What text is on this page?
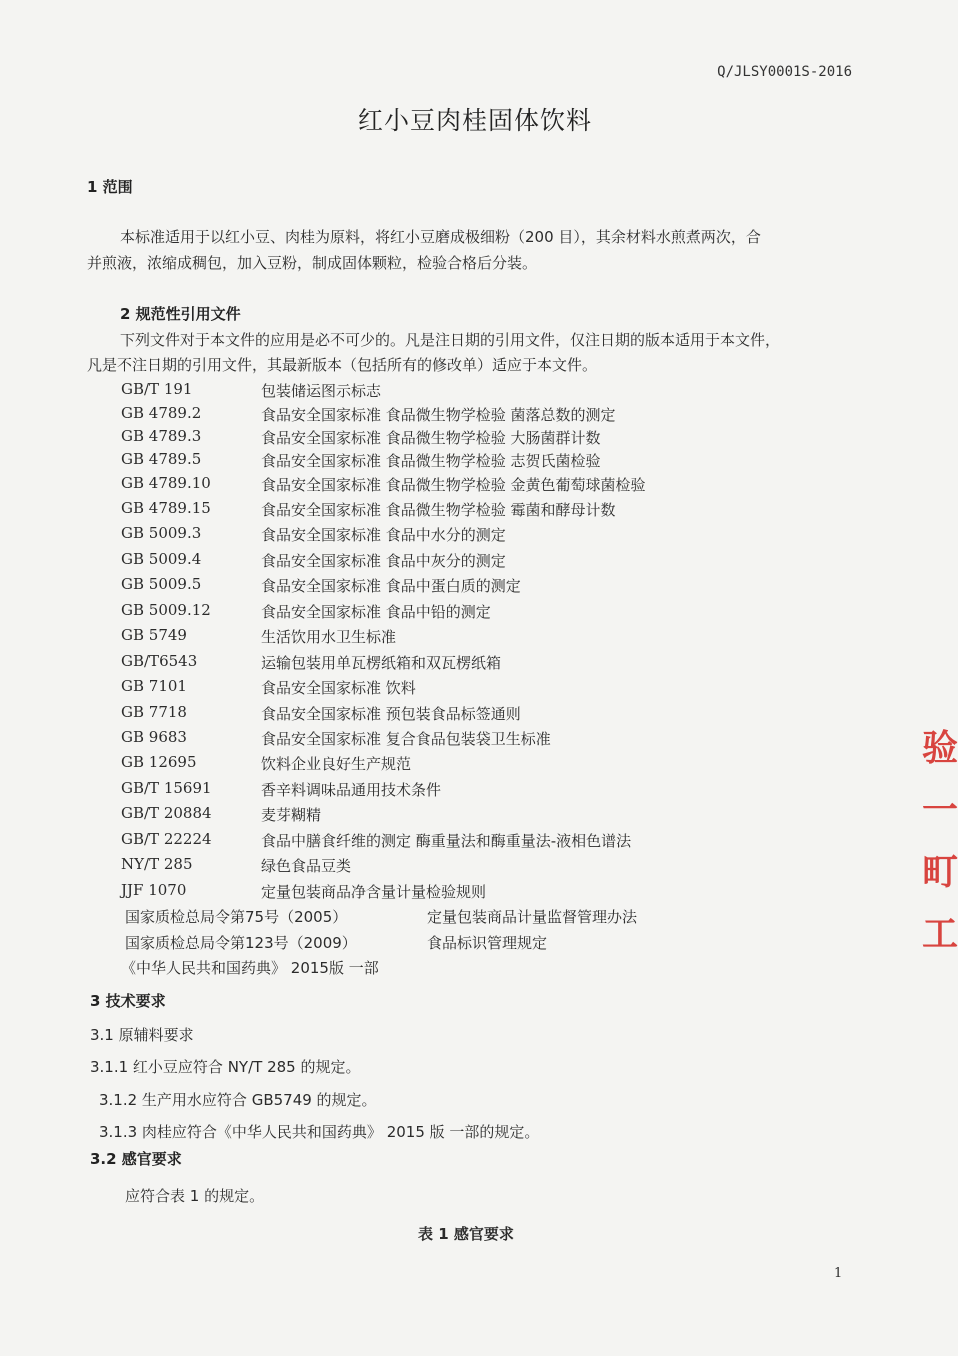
Q/JLSY0001S-2016
红小豆肉桂固体饮料
1 范围
本标准适用于以红小豆、肉桂为原料，将红小豆磨成极细粉（200 目），其余材料水煎煮两次，合
并煎液，浓缩成稠包，加入豆粉，制成固体颗粒，检验合格后分装。
2 规范性引用文件
下列文件对于本文件的应用是必不可少的。凡是注日期的引用文件，仅注日期的版本适用于本文件，
凡是不注日期的引用文件，其最新版本（包括所有的修改单）适应于本文件。
GB/T 191	包装储运图示标志
GB 4789.2	食品安全国家标准 食品微生物学检验 菌落总数的测定
GB 4789.3	食品安全国家标准 食品微生物学检验 大肠菌群计数
GB 4789.5	食品安全国家标准 食品微生物学检验 志贺氏菌检验
GB 4789.10	食品安全国家标准 食品微生物学检验 金黄色葡萄球菌检验
GB 4789.15	食品安全国家标准 食品微生物学检验 霉菌和酵母计数
GB 5009.3	食品安全国家标准 食品中水分的测定
GB 5009.4	食品安全国家标准 食品中灰分的测定
GB 5009.5	食品安全国家标准 食品中蛋白质的测定
GB 5009.12	食品安全国家标准 食品中铅的测定
GB 5749	生活饮用水卫生标准
GB/T6543	运输包装用单瓦楞纸箱和双瓦楞纸箱
GB 7101	食品安全国家标准 饮料
GB 7718	食品安全国家标准 预包装食品标签通则
GB 9683	食品安全国家标准 复合食品包装袋卫生标准
GB 12695	饮料企业良好生产规范
GB/T 15691	香辛料调味品通用技术条件
GB/T 20884	麦芽糊精
GB/T 22224	食品中膳食纤维的测定 酶重量法和酶重量法-液相色谱法
NY/T 285	绿色食品豆类
JJF 1070	定量包装商品净含量计量检验规则
国家质检总局令第75号（2005）	定量包装商品计量监督管理办法
国家质检总局令第123号（2009）	食品标识管理规定
《中华人民共和国药典》 2015版 一部
3 技术要求
3.1 原辅料要求
3.1.1 红小豆应符合 NY/T 285 的规定。
3.1.2 生产用水应符合 GB5749 的规定。
3.1.3 肉桂应符合《中华人民共和国药典》 2015 版 一部的规定。
3.2 感官要求
应符合表 1 的规定。
表 1 感官要求
验
一
町
工
1
